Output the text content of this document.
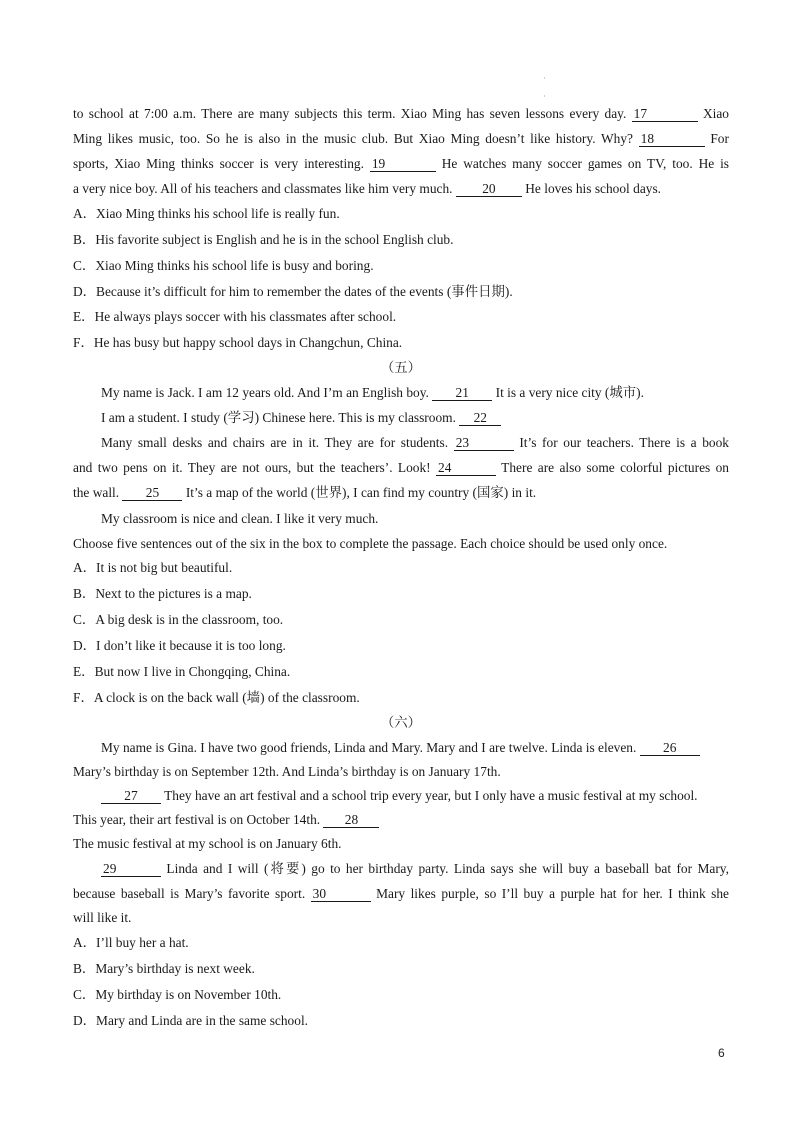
·
·
to school at 7:00 a.m. There are many subjects this term. Xiao Ming has seven lessons every day. 17	Xiao
Ming likes music, too. So he is also in the music club. But Xiao Ming doesn’t like history. Why? 18	For
sports, Xiao Ming thinks soccer is very interesting. 19	He watches many soccer games on TV, too. He is
a very nice boy. All of his teachers and classmates like him very much. 20 He loves his school days.
A．Xiao Ming thinks his school life is really fun.
B．His favorite subject is English and he is in the school English club.
C．Xiao Ming thinks his school life is busy and boring.
D．Because it’s difficult for him to remember the dates of the events (事件日期).
E．He always plays soccer with his classmates after school.
F．He has busy but happy school days in Changchun, China.
（五）
My name is Jack. I am 12 years old. And I’m an English boy. 21 It is a very nice city (城市).
I am a student. I study (学习) Chinese here. This is my classroom. 22
Many small desks and chairs are in it. They are for students. 23	It’s for our teachers. There is a book
and two pens on it. They are not ours, but the teachers’. Look! 24	There are also some colorful pictures on
the wall. 25 It’s a map of the world (世界), I can find my country (国家) in it.
My classroom is nice and clean. I like it very much.
Choose five sentences out of the six in the box to complete the passage. Each choice should be used only once.
A．It is not big but beautiful.
B．Next to the pictures is a map.
C．A big desk is in the classroom, too.
D．I don’t like it because it is too long.
E．But now I live in Chongqing, China.
F．A clock is on the back wall (墙) of the classroom.
（六）
My name is Gina. I have two good friends, Linda and Mary. Mary and I are twelve. Linda is eleven. 26
Mary’s birthday is on September 12th. And Linda’s birthday is on January 17th.
27 They have an art festival and a school trip every year, but I only have a music festival at my school.
This year, their art festival is on October 14th. 28
The music festival at my school is on January 6th.
29	Linda and I will (将要) go to her birthday party. Linda says she will buy a baseball bat for Mary,
because baseball is Mary’s favorite sport. 30	Mary likes purple, so I’ll buy a purple hat for her. I think she
will like it.
A．I’ll buy her a hat.
B．Mary’s birthday is next week.
C．My birthday is on November 10th.
D．Mary and Linda are in the same school.
6
